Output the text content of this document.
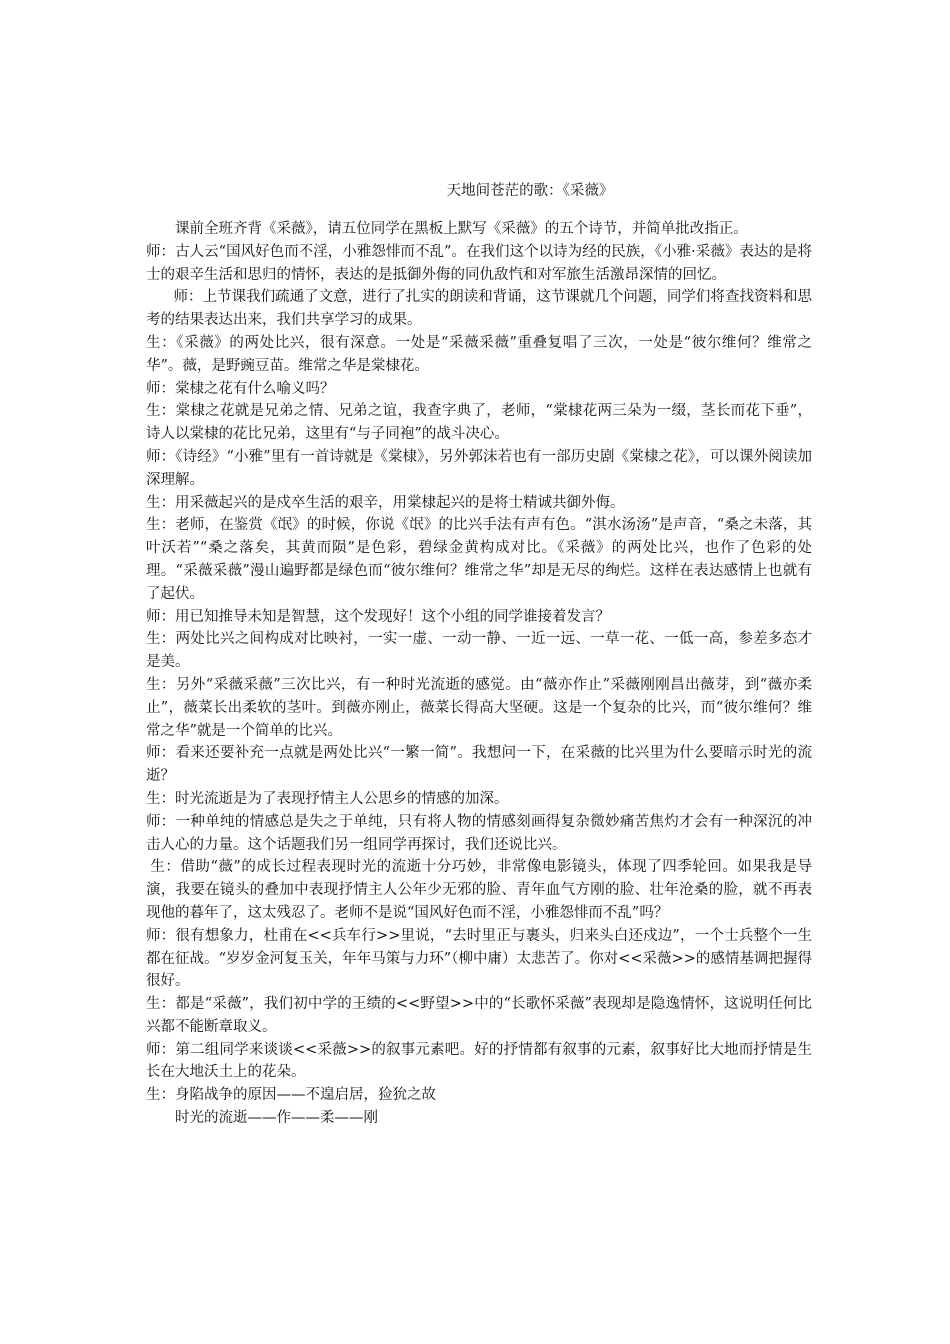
天地间苍茫的歌：《采薇》

课前全班齐背《采薇》，请五位同学在黑板上默写《采薇》的五个诗节，并简单批改指正。

师：古人云“国风好色而不淫，小雅怨悱而不乱”。在我们这个以诗为经的民族，《小雅·采薇》表达的是将士的艰辛生活和思归的情怀，表达的是抵御外侮的同仇敌忾和对军旅生活激昂深情的回忆。

师：上节课我们疏通了文意，进行了扎实的朗读和背诵，这节课就几个问题，同学们将查找资料和思考的结果表达出来，我们共享学习的成果。

生：《采薇》的两处比兴，很有深意。一处是“采薇采薇”重叠复唱了三次，一处是“彼尔维何？维常之华”。薇，是野豌豆苗。维常之华是棠棣花。

师：棠棣之花有什么喻义吗？

生：棠棣之花就是兄弟之情、兄弟之谊，我查字典了，老师，“棠棣花两三朵为一缀，茎长而花下垂”，诗人以棠棣的花比兄弟，这里有“与子同袍”的战斗决心。

师：《诗经》“小雅”里有一首诗就是《棠棣》，另外郭沫若也有一部历史剧《棠棣之花》，可以课外阅读加深理解。

生：用采薇起兴的是戍卒生活的艰辛，用棠棣起兴的是将士精诚共御外侮。

生：老师，在鉴赏《氓》的时候，你说《氓》的比兴手法有声有色。“淇水汤汤”是声音，“桑之未落，其叶沃若”“桑之落矣，其黄而陨”是色彩，碧绿金黄构成对比。《采薇》的两处比兴，也作了色彩的处理。“采薇采薇”漫山遍野都是绿色而“彼尔维何？维常之华”却是无尽的绚烂。这样在表达感情上也就有了起伏。

师：用已知推导未知是智慧，这个发现好！这个小组的同学谁接着发言？

生：两处比兴之间构成对比映衬，一实一虚、一动一静、一近一远、一草一花、一低一高，参差多态才是美。

生：另外“采薇采薇”三次比兴，有一种时光流逝的感觉。由“薇亦作止”采薇刚刚昌出薇芽，到“薇亦柔止”，薇菜长出柔软的茎叶。到薇亦刚止，薇菜长得高大坚硬。这是一个复杂的比兴，而“彼尔维何？维常之华”就是一个简单的比兴。

师：看来还要补充一点就是两处比兴“一繁一简”。我想问一下，在采薇的比兴里为什么要暗示时光的流逝？

生：时光流逝是为了表现抒情主人公思乡的情感的加深。

师：一种单纯的情感总是失之于单纯，只有将人物的情感刻画得复杂微妙痛苦焦灼才会有一种深沉的冲击人心的力量。这个话题我们另一组同学再探讨，我们还说比兴。

生：借助“薇”的成长过程表现时光的流逝十分巧妙，非常像电影镜头，体现了四季轮回。如果我是导演，我要在镜头的叠加中表现抒情主人公年少无邪的脸、青年血气方刚的脸、壮年沧桑的脸，就不再表现他的暮年了，这太残忍了。老师不是说“国风好色而不淫，小雅怨悱而不乱”吗？

师：很有想象力，杜甫在<<兵车行>>里说，“去时里正与裹头，归来头白还戍边”，一个士兵整个一生都在征战。“岁岁金河复玉关，年年马策与力环”（柳中庸）太悲苦了。你对<<采薇>>的感情基调把握得很好。

生：都是“采薇”，我们初中学的王绩的<<野望>>中的“长歌怀采薇”表现却是隐逸情怀，这说明任何比兴都不能断章取义。

师：第二组同学来谈谈<<采薇>>的叙事元素吧。好的抒情都有叙事的元素，叙事好比大地而抒情是生长在大地沃土上的花朵。

生：身陷战争的原因——不遑启居，猃狁之故

时光的流逝——作——柔——刚
